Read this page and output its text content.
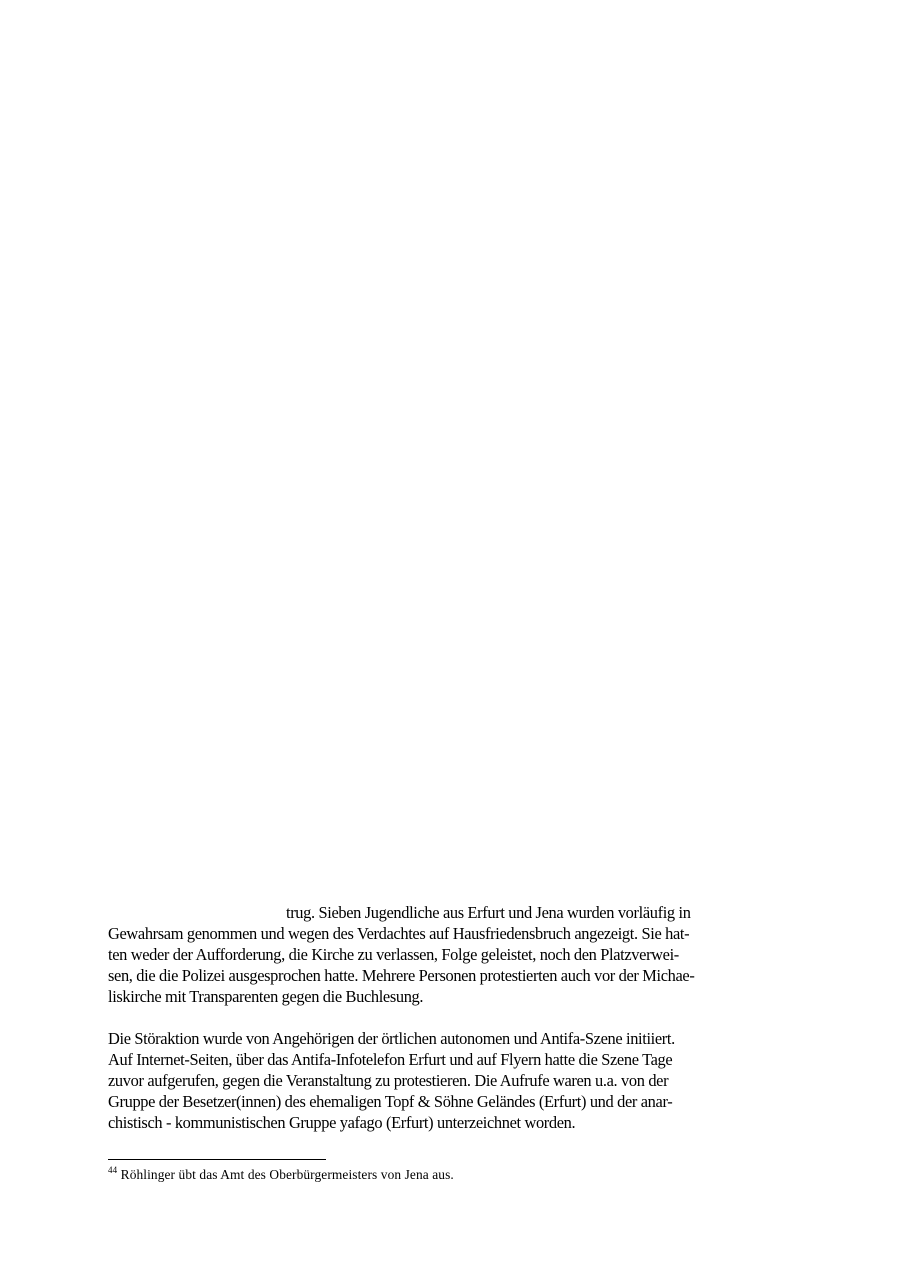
trug. Sieben Jugendliche aus Erfurt und Jena wurden vorläufig in
Gewahrsam genommen und wegen des Verdachtes auf Hausfriedensbruch angezeigt. Sie hat-
ten weder der Aufforderung, die Kirche zu verlassen, Folge geleistet, noch den Platzverwei-
sen, die die Polizei ausgesprochen hatte. Mehrere Personen protestierten auch vor der Michae-
liskirche mit Transparenten gegen die Buchlesung.
Die Störaktion wurde von Angehörigen der örtlichen autonomen und Antifa-Szene initiiert.
Auf Internet-Seiten, über das Antifa-Infotelefon Erfurt und auf Flyern hatte die Szene Tage
zuvor aufgerufen, gegen die Veranstaltung zu protestieren. Die Aufrufe waren u.a. von der
Gruppe der Besetzer(innen) des ehemaligen Topf & Söhne Geländes (Erfurt) und der anar-
chistisch - kommunistischen Gruppe yafago (Erfurt) unterzeichnet worden.
$^{44}$ Röhlinger übt das Amt des Oberbürgermeisters von Jena aus.
